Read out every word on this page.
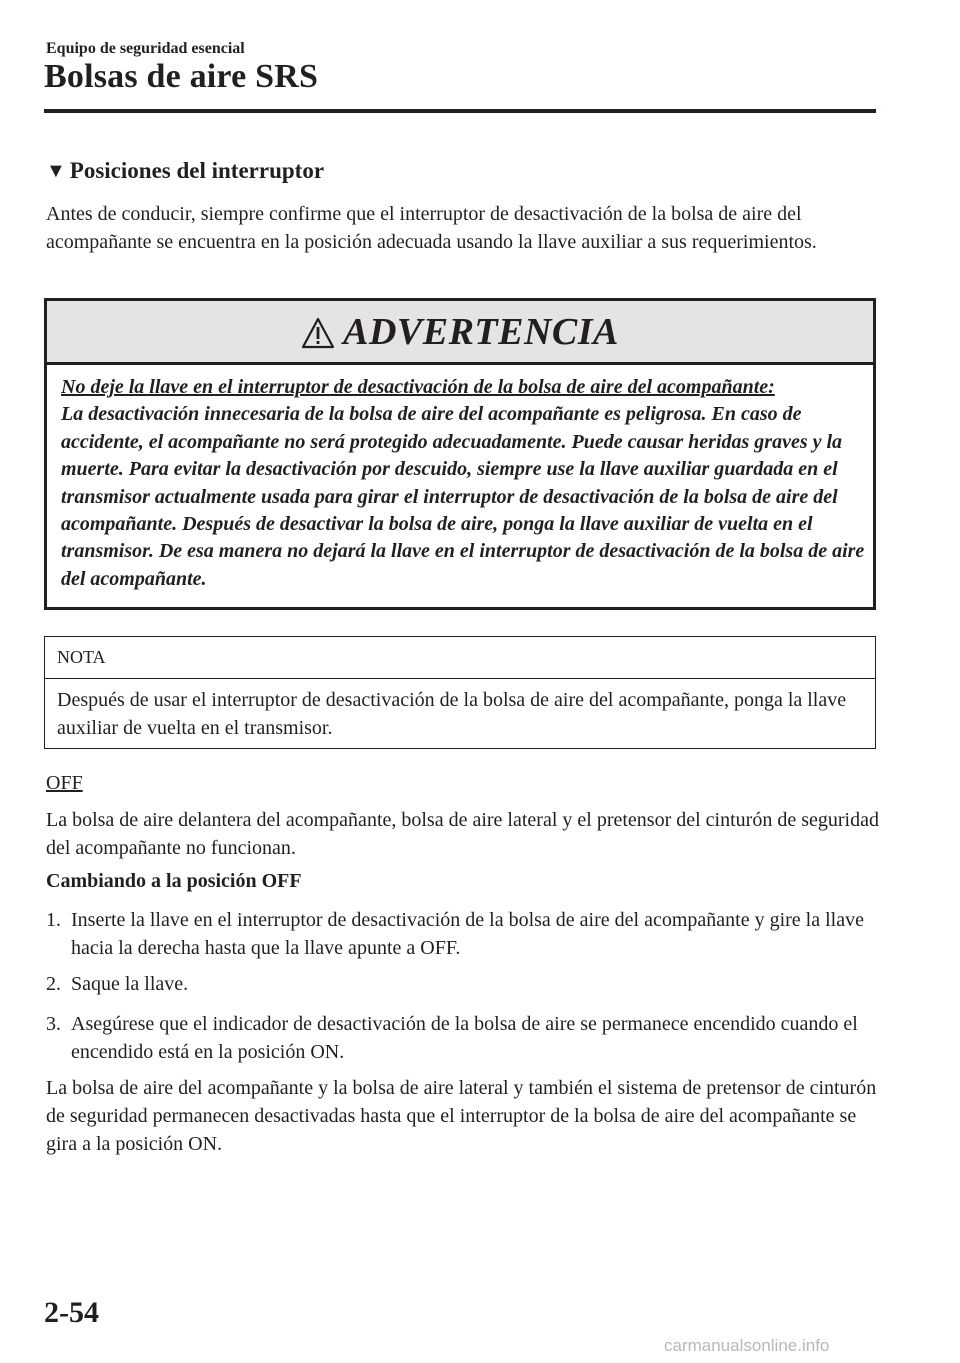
Equipo de seguridad esencial
Bolsas de aire SRS
▼ Posiciones del interruptor
Antes de conducir, siempre confirme que el interruptor de desactivación de la bolsa de aire del acompañante se encuentra en la posición adecuada usando la llave auxiliar a sus requerimientos.
ADVERTENCIA
No deje la llave en el interruptor de desactivación de la bolsa de aire del acompañante:
La desactivación innecesaria de la bolsa de aire del acompañante es peligrosa. En caso de accidente, el acompañante no será protegido adecuadamente. Puede causar heridas graves y la muerte. Para evitar la desactivación por descuido, siempre use la llave auxiliar guardada en el transmisor actualmente usada para girar el interruptor de desactivación de la bolsa de aire del acompañante. Después de desactivar la bolsa de aire, ponga la llave auxiliar de vuelta en el transmisor. De esa manera no dejará la llave en el interruptor de desactivación de la bolsa de aire del acompañante.
NOTA
Después de usar el interruptor de desactivación de la bolsa de aire del acompañante, ponga la llave auxiliar de vuelta en el transmisor.
OFF
La bolsa de aire delantera del acompañante, bolsa de aire lateral y el pretensor del cinturón de seguridad del acompañante no funcionan.
Cambiando a la posición OFF
1. Inserte la llave en el interruptor de desactivación de la bolsa de aire del acompañante y gire la llave hacia la derecha hasta que la llave apunte a OFF.
2. Saque la llave.
3. Asegúrese que el indicador de desactivación de la bolsa de aire se permanece encendido cuando el encendido está en la posición ON.
La bolsa de aire del acompañante y la bolsa de aire lateral y también el sistema de pretensor de cinturón de seguridad permanecen desactivadas hasta que el interruptor de la bolsa de aire del acompañante se gira a la posición ON.
2-54
carmanualsonline.info
